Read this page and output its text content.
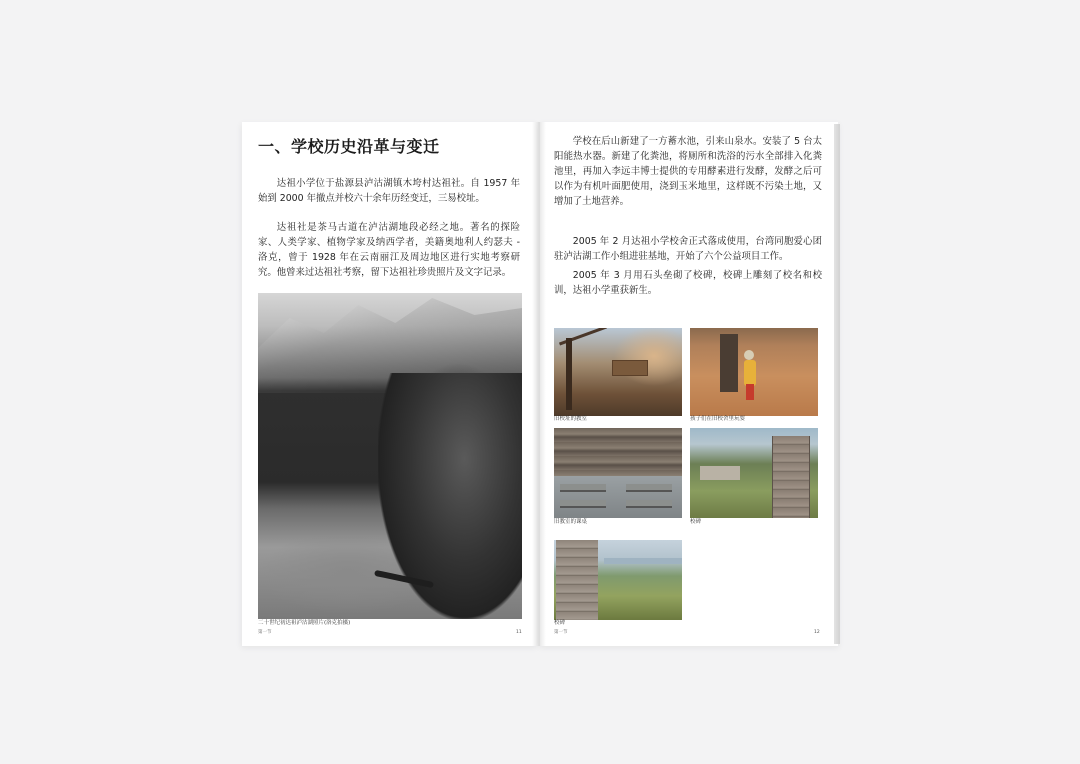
一、学校历史沿革与变迁

达祖小学位于盐源县泸沽湖镇木垮村达祖社。自 1957 年始到 2000 年撤点并校六十余年历经变迁，三易校址。

达祖社是茶马古道在泸沽湖地段必经之地。著名的探险家、人类学家、植物学家及纳西学者，美籍奥地利人约瑟夫 - 洛克，曾于 1928 年在云南丽江及周边地区进行实地考察研究。他曾来过达祖社考察，留下达祖社珍贵照片及文字记录。

二十世纪初达祖泸沽湖照片(洛克拍摄)
第一节	11

学校在后山新建了一方蓄水池，引来山泉水。安装了 5 台太阳能热水器。新建了化粪池，将厕所和洗浴的污水全部排入化粪池里，再加入李远丰博士提供的专用酵素进行发酵，发酵之后可以作为有机叶面肥使用，浇到玉米地里，这样既不污染土地，又增加了土地营养。

2005 年 2 月达祖小学校舍正式落成使用，台湾同胞爱心团驻泸沽湖工作小组进驻基地，开始了六个公益项目工作。

2005 年 3 月用石头垒砌了校碑，校碑上雕刻了校名和校训，达祖小学重获新生。

旧校址的教室	孩子们在旧校舍里玩耍
旧教室的课桌	校碑
校碑
第一节	12
